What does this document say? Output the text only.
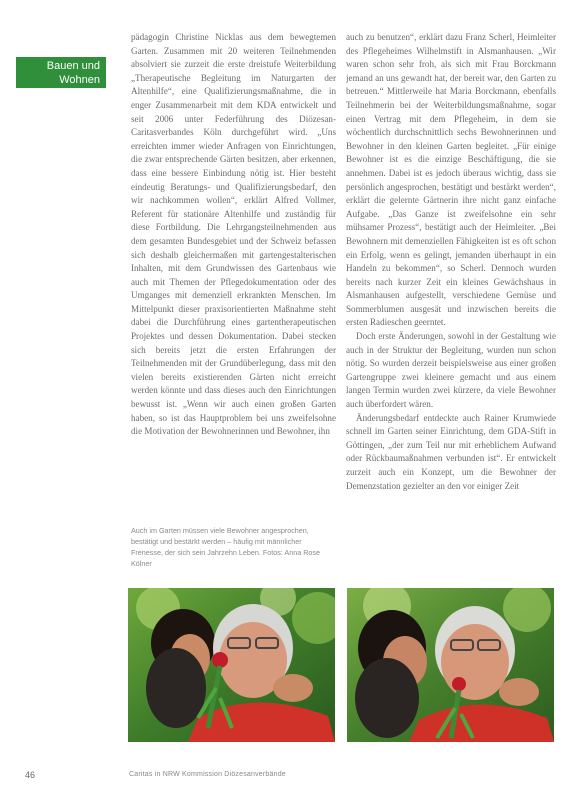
Bauen und
Wohnen

pädagogin Christine Nicklas aus dem bewegtemen Garten. Zusammen mit 20 weiteren Teilnehmenden absolviert sie zurzeit die erste dreistufe Weiterbildung „Therapeutische Begleitung im Naturgarten der Altenhilfe“, eine Qualifizierungsmaßnahme, die in enger Zusammenarbeit mit dem KDA entwickelt und seit 2006 unter Federführung des Diözesan-Caritasverbandes Köln durchgeführt wird. „Uns erreichten immer wieder Anfragen von Einrichtungen, die zwar entsprechende Gärten besitzen, aber erkennen, dass eine bessere Einbindung nötig ist. Hier besteht eindeutig Beratungs- und Qualifizierungsbedarf, den wir nachkommen wollen“, erklärt Alfred Vollmer, Referent für stationäre Altenhilfe und zuständig für diese Fortbildung. Die Lehrgangsteilnehmenden aus dem gesamten Bundesgebiet und der Schweiz befassen sich deshalb gleichermaßen mit gartengestalterischen Inhalten, mit dem Grundwissen des Gartenbaus wie auch mit Themen der Pflegedokumentation oder des Umganges mit demenziell erkrankten Menschen. Im Mittelpunkt dieser praxisorientierten Maßnahme steht dabei die Durchführung eines gartentherapeutischen Projektes und dessen Dokumentation. Dabei stecken sich bereits jetzt die ersten Erfahrungen der Teilnehmenden mit der Grundüberlegung, dass mit den vielen bereits existierenden Gärten nicht erreicht werden könnte und dass dieses auch den Einrichtungen bewusst ist. „Wenn wir auch einen großen Garten haben, so ist das Hauptproblem bei uns zweifelsohne die Motivation der Bewohnerinnen und Bewohner, ihn

auch zu benutzen“, erklärt dazu Franz Scherl, Heimleiter des Pflegeheimes Wilhelmstift in Alsmanhausen. „Wir waren schon sehr froh, als sich mit Frau Borckmann jemand an uns gewandt hat, der bereit war, den Garten zu betreuen.“ Mittlerweile hat Maria Borckmann, ebenfalls Teilnehmerin bei der Weiterbildungsmaßnahme, sogar einen Vertrag mit dem Pflegeheim, in dem sie wöchentlich durchschnittlich sechs Bewohnerinnen und Bewohner in den kleinen Garten begleitet. „Für einige Bewohner ist es die einzige Beschäftigung, die sie annehmen. Dabei ist es jedoch überaus wichtig, dass sie persönlich angesprochen, bestätigt und bestärkt werden“, erklärt die gelernte Gärtnerin ihre nicht ganz einfache Aufgabe. „Das Ganze ist zweifelsohne ein sehr mühsamer Prozess“, bestätigt auch der Heimleiter. „Bei Bewohnern mit demenziellen Fähigkeiten ist es oft schon ein Erfolg, wenn es gelingt, jemanden überhaupt in ein Handeln zu bekommen“, so Scherl. Dennoch wurden bereits nach kurzer Zeit ein kleines Gewächshaus in Alsmanhausen aufgestellt, verschiedene Gemüse und Sommerblumen ausgesät und inzwischen bereits die ersten Radieschen geerntet.

Doch erste Änderungen, sowohl in der Gestaltung wie auch in der Struktur der Begleitung, wurden nun schon nötig. So wurden derzeit beispielsweise aus einer großen Gartengruppe zwei kleinere gemacht und aus einem langen Termin wurden zwei kürzere, da viele Bewohner auch überfordert wären.

Änderungsbedarf entdeckte auch Rainer Krumwiede schnell im Garten seiner Einrichtung, dem GDA-Stift in Göttingen, „der zum Teil nur mit erheblichem Aufwand oder Rückbaumaßnahmen verbunden ist“. Er entwickelt zurzeit auch ein Konzept, um die Bewohner der Demenzstation gezielter an den vor einiger Zeit

Auch im Garten müssen viele Bewohner angesprochen, bestätigt und bestärkt werden – häufig mit männlicher Frenesse, der sich sein Jahrzehn Leben. Fotos: Anna Rose Kölner
46	Caritas in NRW Kommission Diözesanverbände
